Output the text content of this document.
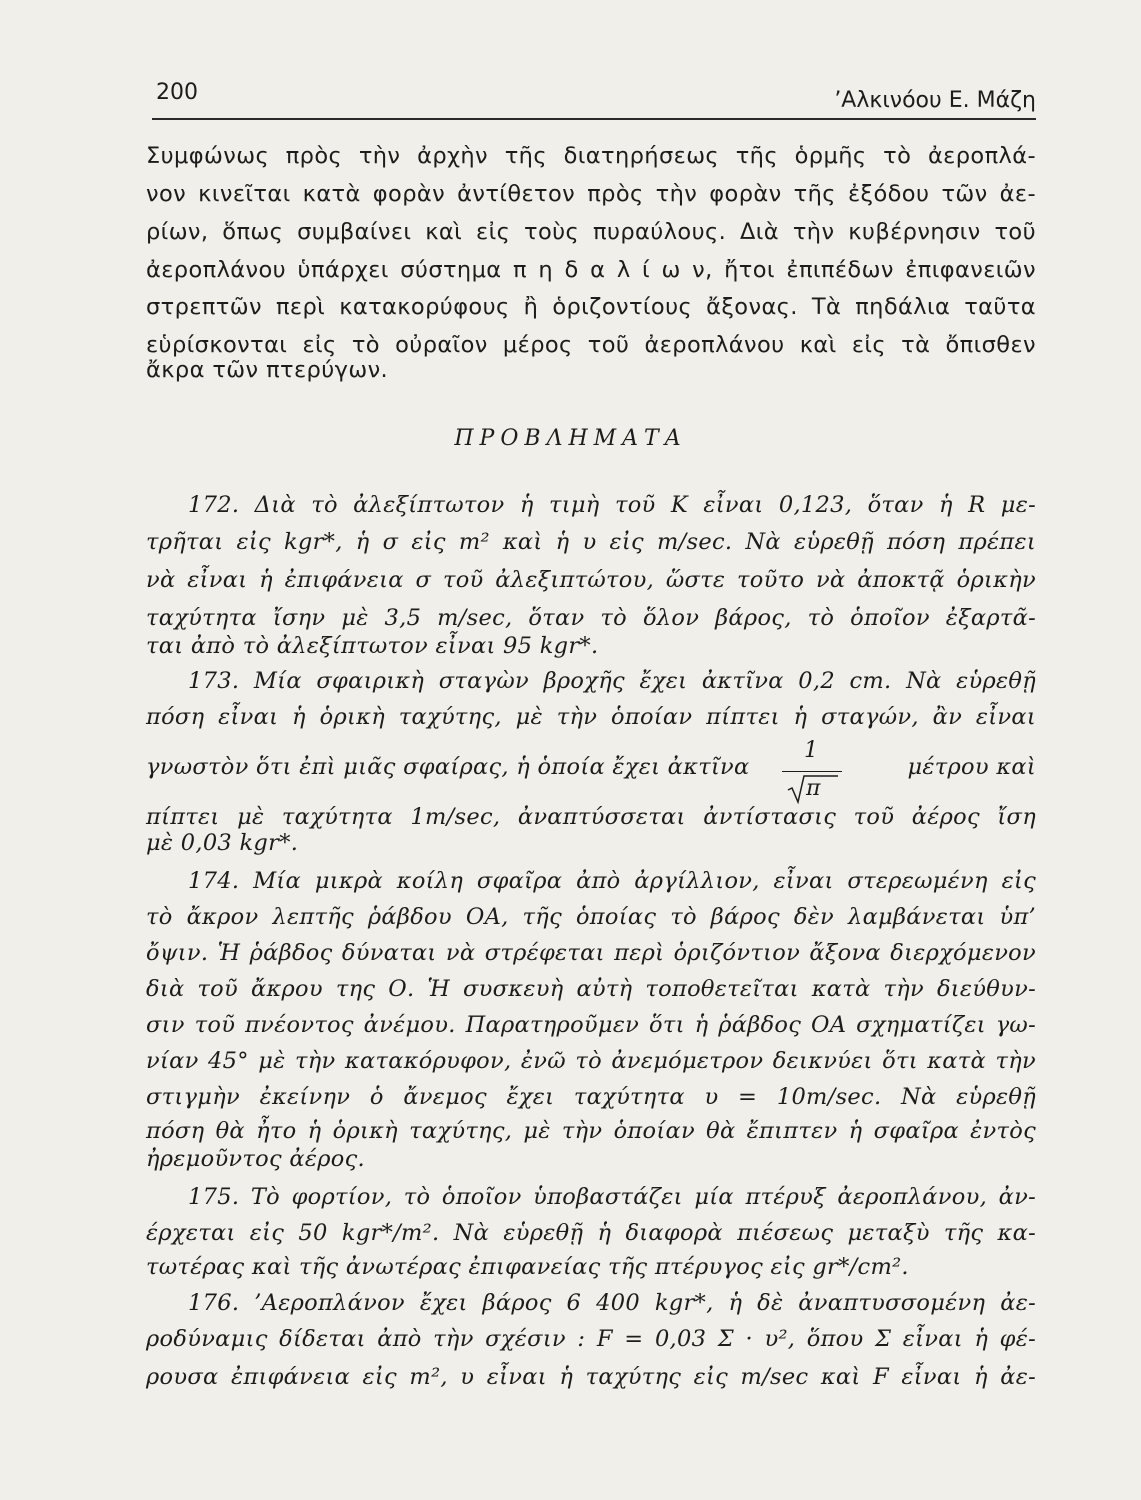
200	’Αλκινόου Ε. Μάζη
Συμφώνως πρὸς τὴν ἀρχὴν τῆς διατηρήσεως τῆς ὁρμῆς τὸ ἀεροπλά-
νον κινεῖται κατὰ φορὰν ἀντίθετον πρὸς τὴν φορὰν τῆς ἐξόδου τῶν ἀε-
ρίων, ὅπως συμβαίνει καὶ εἰς τοὺς πυραύλους. Διὰ τὴν κυβέρνησιν τοῦ
ἀεροπλάνου ὑπάρχει σύστημα π η δ α λ ί ω ν, ἤτοι ἐπιπέδων ἐπιφανειῶν
στρεπτῶν περὶ κατακορύφους ἢ ὁριζοντίους ἄξονας. Τὰ πηδάλια ταῦτα
εὑρίσκονται εἰς τὸ οὐραῖον μέρος τοῦ ἀεροπλάνου καὶ εἰς τὰ ὄπισθεν
ἄκρα τῶν πτερύγων.
ΠΡΟΒΛΗΜΑΤΑ
172. Διὰ τὸ ἀλεξίπτωτον ἡ τιμὴ τοῦ K εἶναι 0,123, ὅταν ἡ R με-
τρῆται εἰς kgr*, ἡ σ εἰς m² καὶ ἡ υ εἰς m/sec. Νὰ εὑρεθῇ πόση πρέπει
νὰ εἶναι ἡ ἐπιφάνεια σ τοῦ ἀλεξιπτώτου, ὥστε τοῦτο νὰ ἀποκτᾷ ὁρικὴν
ταχύτητα ἴσην μὲ 3,5 m/sec, ὅταν τὸ ὅλον βάρος, τὸ ὁποῖον ἐξαρτᾶ-
ται ἀπὸ τὸ ἀλεξίπτωτον εἶναι 95 kgr*.
173. Μία σφαιρικὴ σταγὼν βροχῆς ἔχει ἀκτῖνα 0,2 cm. Νὰ εὑρεθῇ
πόση εἶναι ἡ ὁρικὴ ταχύτης, μὲ τὴν ὁποίαν πίπτει ἡ σταγών, ἂν εἶναι
γνωστὸν ὅτι ἐπὶ μιᾶς σφαίρας, ἡ ὁποία ἔχει ἀκτῖνα
1
π
μέτρου καὶ
πίπτει μὲ ταχύτητα 1m/sec, ἀναπτύσσεται ἀντίστασις τοῦ ἀέρος ἴση
μὲ 0,03 kgr*.
174. Μία μικρὰ κοίλη σφαῖρα ἀπὸ ἀργίλλιον, εἶναι στερεωμένη εἰς
τὸ ἄκρον λεπτῆς ῥάβδου ΟΑ, τῆς ὁποίας τὸ βάρος δὲν λαμβάνεται ὑπ’
ὄψιν. Ἡ ῥάβδος δύναται νὰ στρέφεται περὶ ὁριζόντιον ἄξονα διερχόμενον
διὰ τοῦ ἄκρου της Ο. Ἡ συσκευὴ αὐτὴ τοποθετεῖται κατὰ τὴν διεύθυν-
σιν τοῦ πνέοντος ἀνέμου. Παρατηροῦμεν ὅτι ἡ ῥάβδος ΟΑ σχηματίζει γω-
νίαν 45° μὲ τὴν κατακόρυφον, ἐνῶ τὸ ἀνεμόμετρον δεικνύει ὅτι κατὰ τὴν
στιγμὴν ἐκείνην ὁ ἄνεμος ἔχει ταχύτητα υ = 10m/sec. Νὰ εὑρεθῇ
πόση θὰ ἦτο ἡ ὁρικὴ ταχύτης, μὲ τὴν ὁποίαν θὰ ἔπιπτεν ἡ σφαῖρα ἐντὸς
ἠρεμοῦντος ἀέρος.
175. Τὸ φορτίον, τὸ ὁποῖον ὑποβαστάζει μία πτέρυξ ἀεροπλάνου, ἀν-
έρχεται εἰς 50 kgr*/m². Νὰ εὑρεθῇ ἡ διαφορὰ πιέσεως μεταξὺ τῆς κα-
τωτέρας καὶ τῆς ἀνωτέρας ἐπιφανείας τῆς πτέρυγος εἰς gr*/cm².
176. ’Αεροπλάνον ἔχει βάρος 6 400 kgr*, ἡ δὲ ἀναπτυσσομένη ἀε-
ροδύναμις δίδεται ἀπὸ τὴν σχέσιν : F = 0,03 Σ · υ², ὅπου Σ εἶναι ἡ φέ-
ρουσα ἐπιφάνεια εἰς m², υ εἶναι ἡ ταχύτης εἰς m/sec καὶ F εἶναι ἡ ἀε-
